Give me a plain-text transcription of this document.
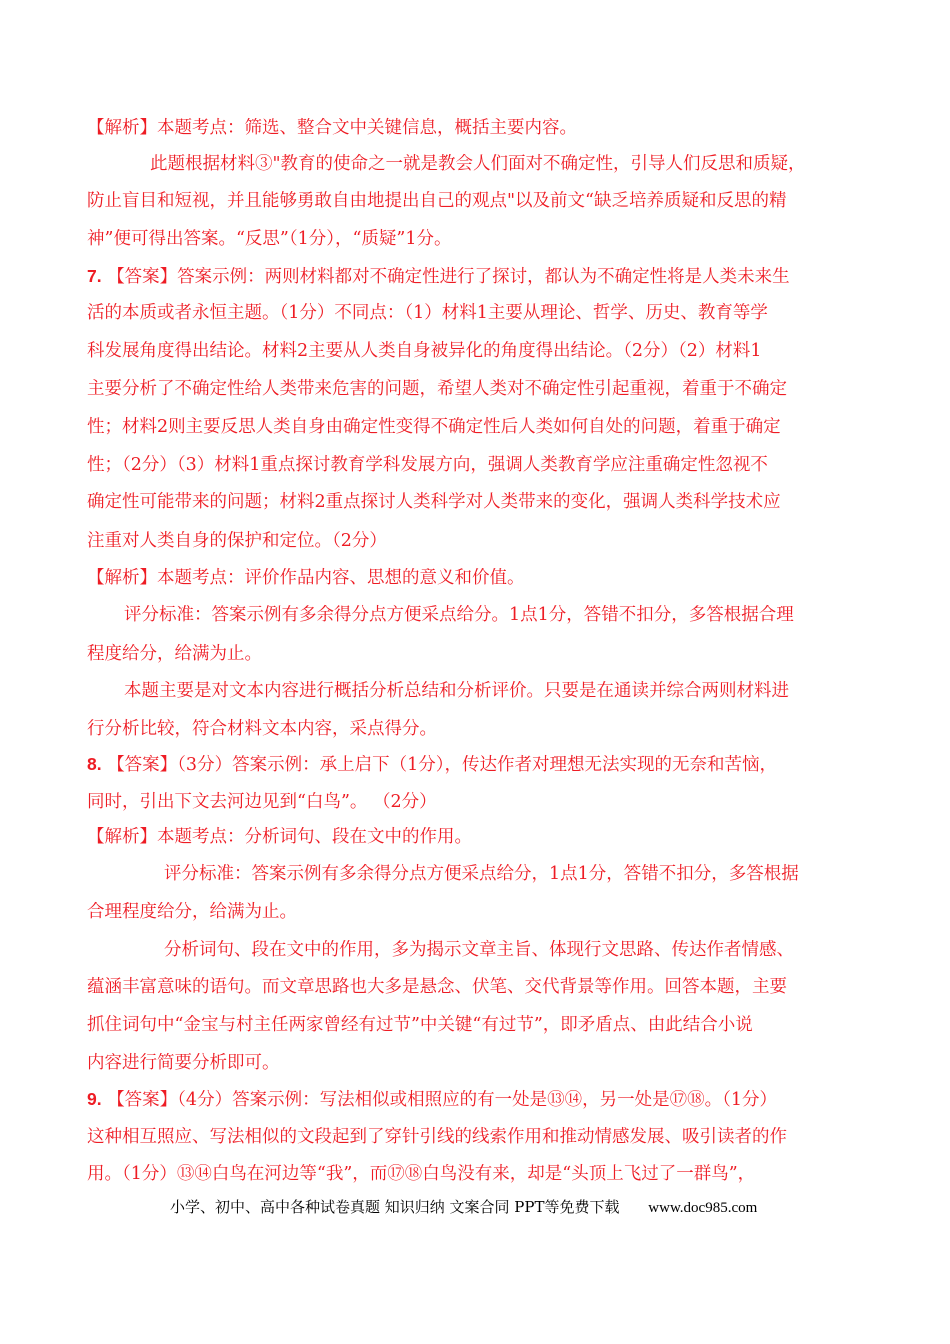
【解析】本题考点：筛选、整合文中关键信息，概括主要内容。
此题根据材料③"教育的使命之一就是教会人们面对不确定性，引导人们反思和质疑，
防止盲目和短视，并且能够勇敢自由地提出自己的观点"以及前文“缺乏培养质疑和反思的精
神”便可得出答案。“反思”（1分），“质疑”1分。
7. 【答案】答案示例：两则材料都对不确定性进行了探讨，都认为不确定性将是人类未来生
活的本质或者永恒主题。（1分）不同点：（1）材料1主要从理论、哲学、历史、教育等学
科发展角度得出结论。材料2主要从人类自身被异化的角度得出结论。（2分）（2）材料1
主要分析了不确定性给人类带来危害的问题，希望人类对不确定性引起重视，着重于不确定
性；材料2则主要反思人类自身由确定性变得不确定性后人类如何自处的问题，着重于确定
性；（2分）（3）材料1重点探讨教育学科发展方向，强调人类教育学应注重确定性忽视不
确定性可能带来的问题；材料2重点探讨人类科学对人类带来的变化，强调人类科学技术应
注重对人类自身的保护和定位。（2分）
【解析】本题考点：评价作品内容、思想的意义和价值。
评分标准：答案示例有多余得分点方便采点给分。1点1分，答错不扣分，多答根据合理
程度给分，给满为止。
本题主要是对文本内容进行概括分析总结和分析评价。只要是在通读并综合两则材料进
行分析比较，符合材料文本内容，采点得分。
8. 【答案】（3分）答案示例：承上启下（1分），传达作者对理想无法实现的无奈和苦恼，
同时，引出下文去河边见到“白鸟”。 （2分）
【解析】本题考点：分析词句、段在文中的作用。
评分标准：答案示例有多余得分点方便采点给分，1点1分，答错不扣分，多答根据
合理程度给分，给满为止。
分析词句、段在文中的作用，多为揭示文章主旨、体现行文思路、传达作者情感、
蕴涵丰富意味的语句。而文章思路也大多是悬念、伏笔、交代背景等作用。回答本题，主要
抓住词句中“金宝与村主任两家曾经有过节”中关键“有过节”，即矛盾点、由此结合小说
内容进行简要分析即可。
9. 【答案】（4分）答案示例：写法相似或相照应的有一处是⑬⑭，另一处是⑰⑱。（1分）
这种相互照应、写法相似的文段起到了穿针引线的线索作用和推动情感发展、吸引读者的作
用。（1分）⑬⑭白鸟在河边等“我”，而⑰⑱白鸟没有来，却是“头顶上飞过了一群鸟”，
小学、初中、高中各种试卷真题 知识归纳 文案合同 PPT等免费下载 www.doc985.com
